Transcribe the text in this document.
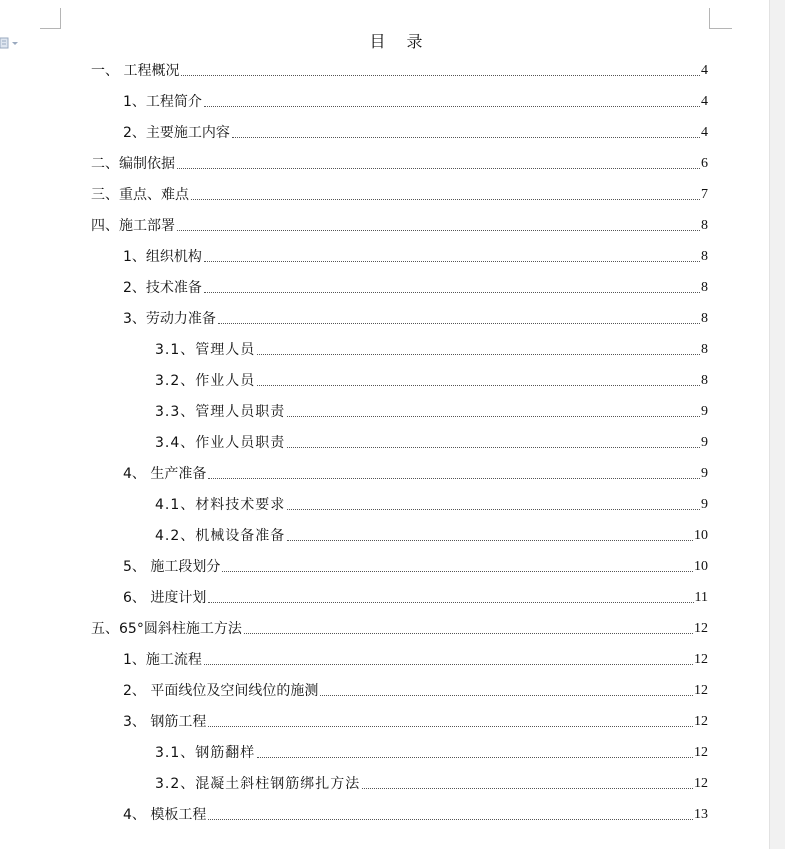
目 录
一、 工程概况	4
1、工程简介	4
2、主要施工内容	4
二、编制依据	6
三、重点、难点	7
四、施工部署	8
1、组织机构	8
2、技术准备	8
3、劳动力准备	8
3.1、管理人员	8
3.2、作业人员	8
3.3、管理人员职责	9
3.4、作业人员职责	9
4、 生产准备	9
4.1、材料技术要求	9
4.2、机械设备准备	10
5、 施工段划分	10
6、 进度计划	11
五、65°圆斜柱施工方法	12
1、施工流程	12
2、 平面线位及空间线位的施测	12
3、 钢筋工程	12
3.1、钢筋翻样	12
3.2、混凝土斜柱钢筋绑扎方法	12
4、 模板工程	13
